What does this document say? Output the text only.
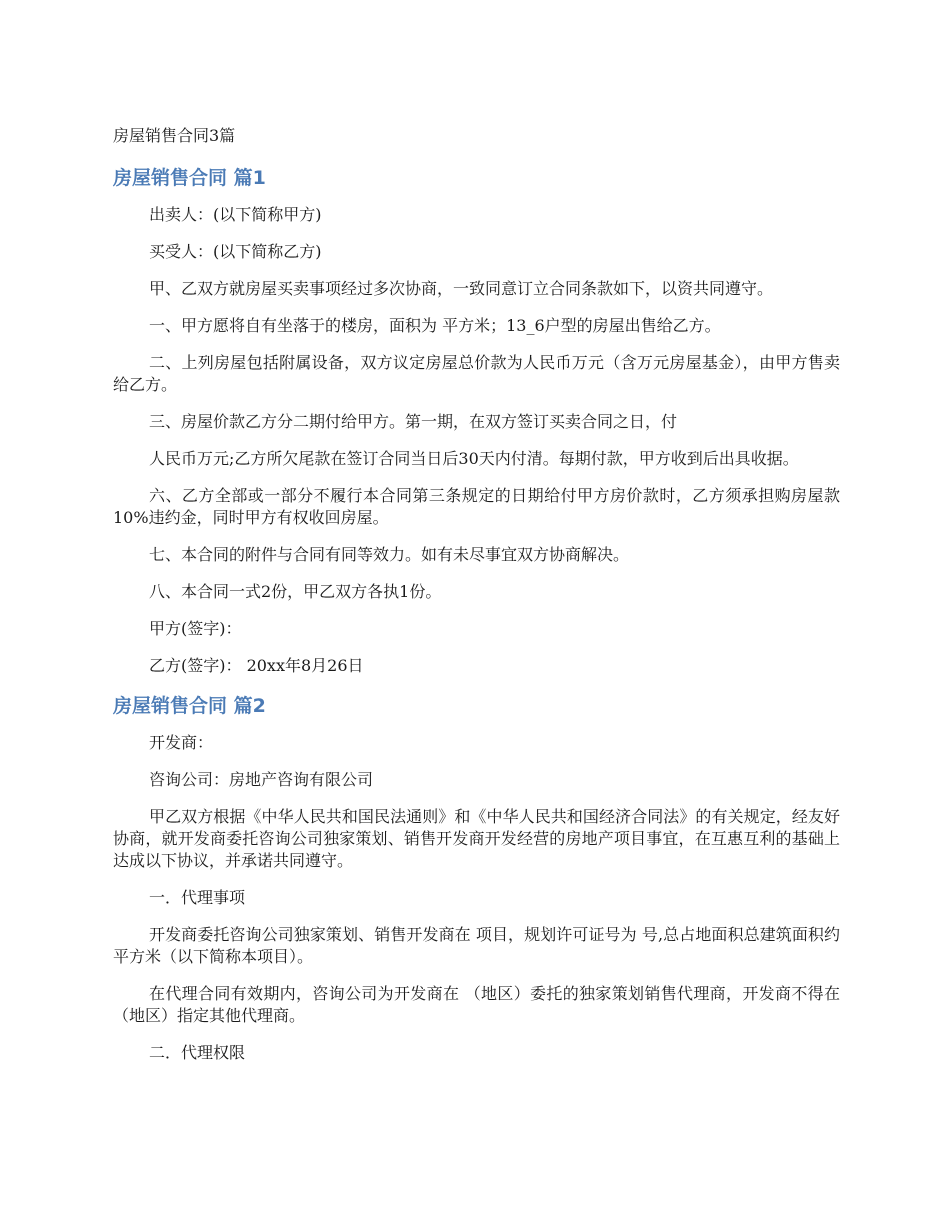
房屋销售合同3篇
房屋销售合同 篇1

出卖人：(以下简称甲方)

买受人：(以下简称乙方)

甲、乙双方就房屋买卖事项经过多次协商，一致同意订立合同条款如下，以资共同遵守。

一、甲方愿将自有坐落于的楼房，面积为 平方米；13_6户型的房屋出售给乙方。

二、上列房屋包括附属设备，双方议定房屋总价款为人民币万元（含万元房屋基金），由甲方售卖给乙方。

三、房屋价款乙方分二期付给甲方。第一期，在双方签订买卖合同之日，付

人民币万元;乙方所欠尾款在签订合同当日后30天内付清。每期付款，甲方收到后出具收据。

六、乙方全部或一部分不履行本合同第三条规定的日期给付甲方房价款时，乙方须承担购房屋款10%违约金，同时甲方有权收回房屋。

七、本合同的附件与合同有同等效力。如有未尽事宜双方协商解决。

八、本合同一式2份，甲乙双方各执1份。

甲方(签字)：

乙方(签字)： 20xx年8月26日

房屋销售合同 篇2

开发商：

咨询公司：房地产咨询有限公司

甲乙双方根据《中华人民共和国民法通则》和《中华人民共和国经济合同法》的有关规定，经友好协商，就开发商委托咨询公司独家策划、销售开发商开发经营的房地产项目事宜，在互惠互利的基础上达成以下协议，并承诺共同遵守。

一．代理事项

开发商委托咨询公司独家策划、销售开发商在 项目，规划许可证号为 号,总占地面积总建筑面积约平方米（以下简称本项目）。

在代理合同有效期内，咨询公司为开发商在 （地区）委托的独家策划销售代理商，开发商不得在（地区）指定其他代理商。

二．代理权限
